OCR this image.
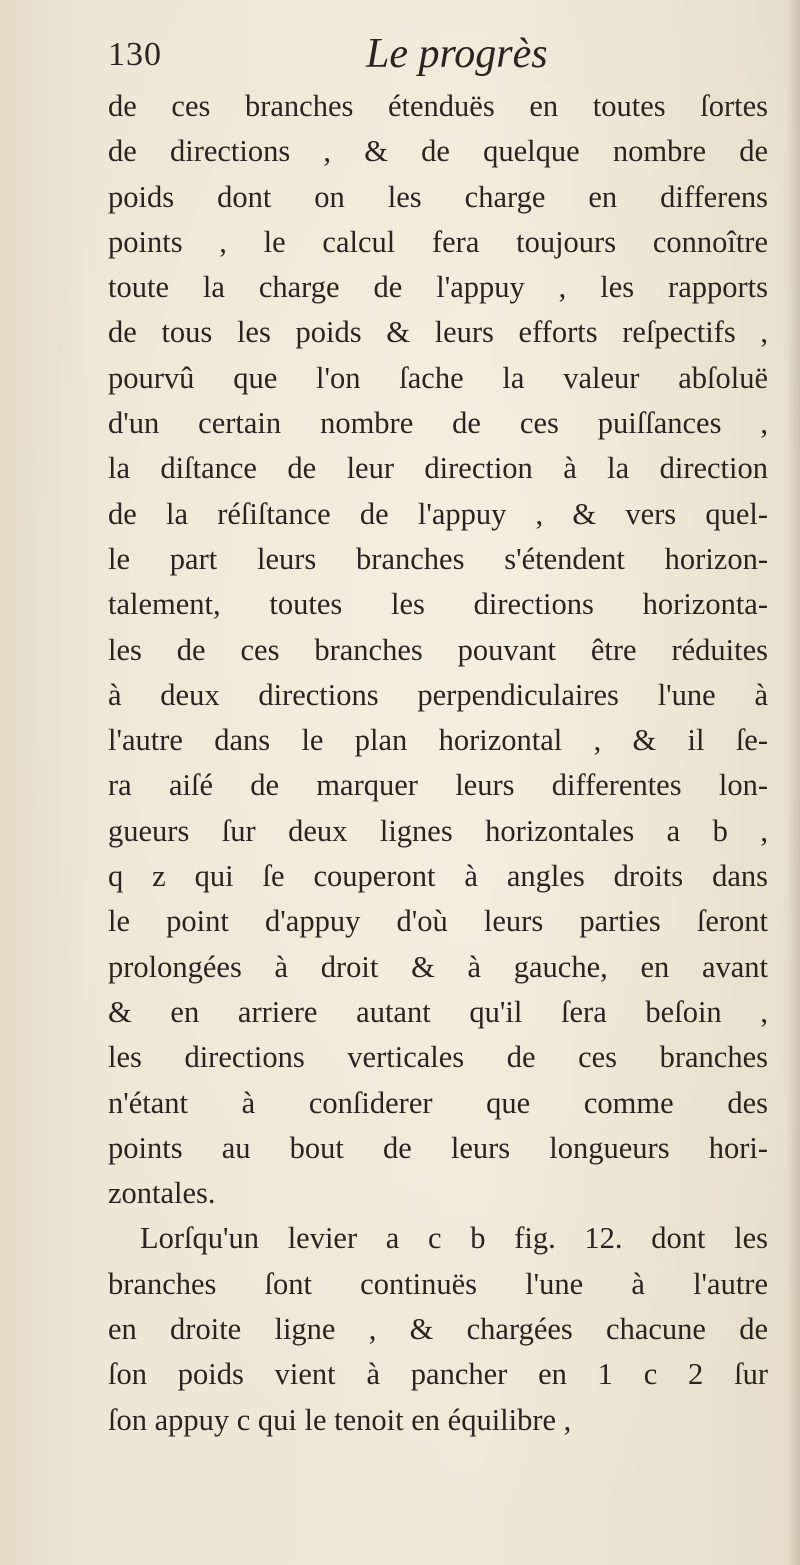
130	Le progrès
de ces branches étenduës en toutes ſortes
de directions , & de quelque nombre de
poids dont on les charge en differens
points , le calcul fera toujours connoître
toute la charge de l'appuy , les rapports
de tous les poids & leurs efforts reſpectifs ,
pourvû que l'on ſache la valeur abſoluë
d'un certain nombre de ces puiſſances ,
la diſtance de leur direction à la direction
de la réſiſtance de l'appuy , & vers quel-
le part leurs branches s'étendent horizon-
talement, toutes les directions horizonta-
les de ces branches pouvant être réduites
à deux directions perpendiculaires l'une à
l'autre dans le plan horizontal , & il ſe-
ra aiſé de marquer leurs differentes lon-
gueurs ſur deux lignes horizontales a b ,
q z qui ſe couperont à angles droits dans
le point d'appuy d'où leurs parties ſeront
prolongées à droit & à gauche, en avant
& en arriere autant qu'il ſera beſoin ,
les directions verticales de ces branches
n'étant à conſiderer que comme des
points au bout de leurs longueurs hori-
zontales.
Lorſqu'un levier a c b fig. 12. dont les
branches ſont continuës l'une à l'autre
en droite ligne , & chargées chacune de
ſon poids vient à pancher en 1 c 2 ſur
ſon appuy c qui le tenoit en équilibre ,
